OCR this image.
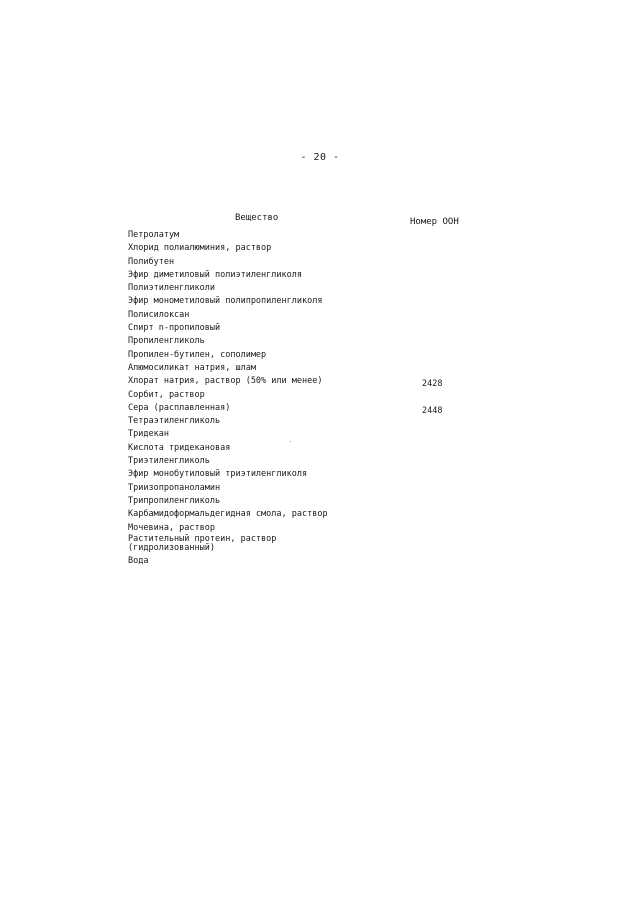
- 20 -
Вещество	Номер ООН
Петролатум
Хлорид полиалюминия, раствор
Полибутен
Эфир диметиловый полиэтиленгликоля
Полиэтиленгликоли
Эфир монометиловый полипропиленгликоля
Полисилоксан
Спирт n-пропиловый
Пропиленгликоль
Пропилен-бутилен, сополимер
Алюмосиликат натрия, шлам
Хлорат натрия, раствор (50% или менее)	2428
Сорбит, раствор
Сера (расплавленная)	2448
Тетраэтиленгликоль
Тридекан
Кислота тридекановая
Триэтиленгликоль
Эфир монобутиловый триэтиленгликоля
Триизопропаноламин
Трипропиленгликоль
Карбамидоформальдегидная смола, раствор
Мочевина, раствор
Растительный протеин, раствор
(гидролизованный)
Вода
